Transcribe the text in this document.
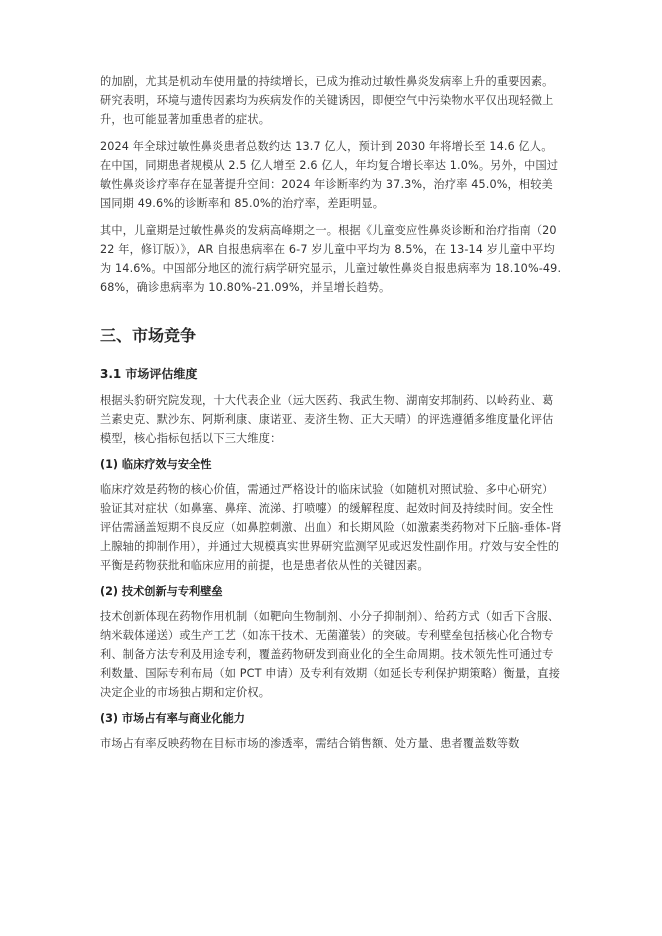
的加剧，尤其是机动车使用量的持续增长，已成为推动过敏性鼻炎发病率上升的重要因素。研究表明，环境与遗传因素均为疾病发作的关键诱因，即便空气中污染物水平仅出现轻微上升，也可能显著加重患者的症状。

2024 年全球过敏性鼻炎患者总数约达 13.7 亿人，预计到 2030 年将增长至 14.6 亿人。在中国，同期患者规模从 2.5 亿人增至 2.6 亿人，年均复合增长率达 1.0%。另外，中国过敏性鼻炎诊疗率存在显著提升空间：2024 年诊断率约为 37.3%，治疗率 45.0%，相较美国同期 49.6%的诊断率和 85.0%的治疗率，差距明显。

其中，儿童期是过敏性鼻炎的发病高峰期之一。根据《儿童变应性鼻炎诊断和治疗指南（2022 年，修订版）》，AR 自报患病率在 6-7 岁儿童中平均为 8.5%，在 13-14 岁儿童中平均为 14.6%。中国部分地区的流行病学研究显示，儿童过敏性鼻炎自报患病率为 18.10%-49.68%，确诊患病率为 10.80%-21.09%，并呈增长趋势。

三、市场竞争
3.1 市场评估维度

根据头豹研究院发现，十大代表企业（远大医药、我武生物、湖南安邦制药、以岭药业、葛兰素史克、默沙东、阿斯利康、康诺亚、麦济生物、正大天晴）的评选遵循多维度量化评估模型，核心指标包括以下三大维度：

(1) 临床疗效与安全性

临床疗效是药物的核心价值，需通过严格设计的临床试验（如随机对照试验、多中心研究）验证其对症状（如鼻塞、鼻痒、流涕、打喷嚏）的缓解程度、起效时间及持续时间。安全性评估需涵盖短期不良反应（如鼻腔刺激、出血）和长期风险（如激素类药物对下丘脑-垂体-肾上腺轴的抑制作用），并通过大规模真实世界研究监测罕见或迟发性副作用。疗效与安全性的平衡是药物获批和临床应用的前提，也是患者依从性的关键因素。

(2) 技术创新与专利壁垒

技术创新体现在药物作用机制（如靶向生物制剂、小分子抑制剂）、给药方式（如舌下含服、纳米载体递送）或生产工艺（如冻干技术、无菌灌装）的突破。专利壁垒包括核心化合物专利、制备方法专利及用途专利，覆盖药物研发到商业化的全生命周期。技术领先性可通过专利数量、国际专利布局（如 PCT 申请）及专利有效期（如延长专利保护期策略）衡量，直接决定企业的市场独占期和定价权。

(3) 市场占有率与商业化能力

市场占有率反映药物在目标市场的渗透率，需结合销售额、处方量、患者覆盖数等数
